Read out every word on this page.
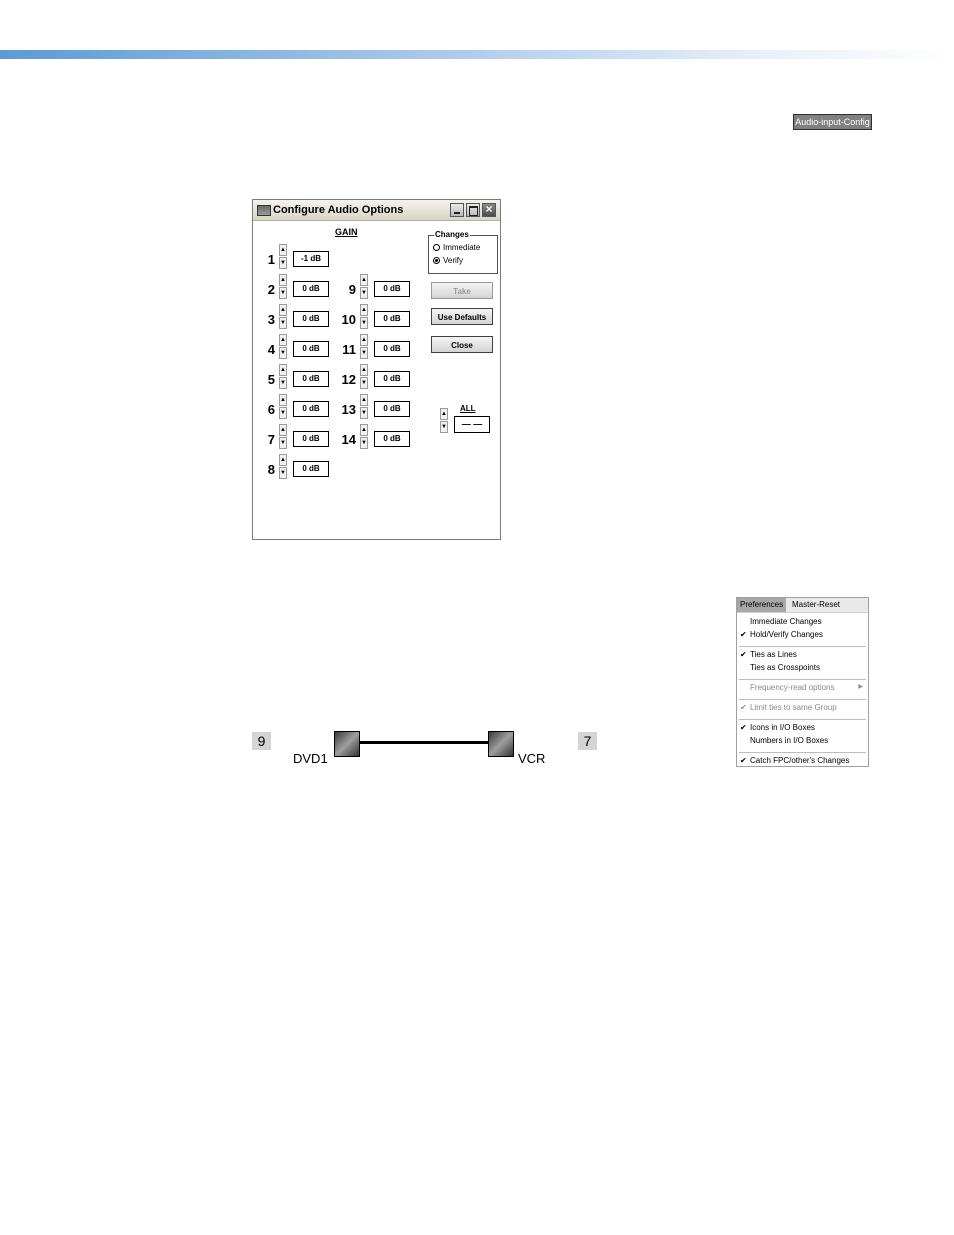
Audio-input-Config
Configure Audio Options	×
GAIN
1
▲
▼	-1 dB
2
▲
▼	0 dB
3
▲
▼	0 dB
4
▲
▼	0 dB
5
▲
▼	0 dB
6
▲
▼	0 dB
7
▲
▼	0 dB
8
▲
▼	0 dB
9
▲
▼	0 dB
10
▲
▼	0 dB
11
▲
▼	0 dB
12
▲
▼	0 dB
13
▲
▼	0 dB
14
▲
▼	0 dB
Changes
Immediate
Verify
Take
Use Defaults
Close
ALL
▲
▼	— —
9
DVD1	VCR
7
Preferences	Master-Reset
Immediate Changes
✔ Hold/Verify Changes
✔ Ties as Lines
Ties as Crosspoints
Frequency-read options	▶
✔ Limit ties to same Group
✔ Icons in I/O Boxes
Numbers in I/O Boxes
✔ Catch FPC/other's Changes
